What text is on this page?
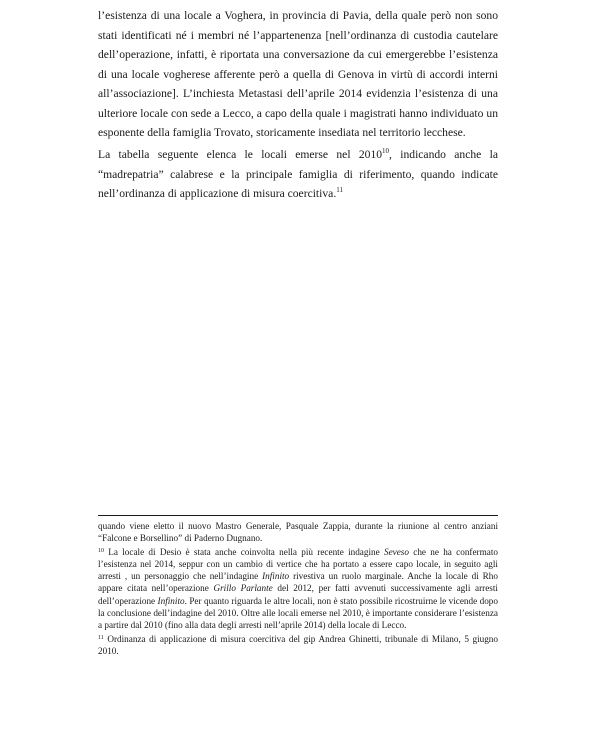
l’esistenza di una locale a Voghera, in provincia di Pavia, della quale però non sono stati identificati né i membri né l’appartenenza [nell’ordinanza di custodia cautelare dell’operazione, infatti, è riportata una conversazione da cui emergerebbe l’esistenza di una locale vogherese afferente però a quella di Genova in virtù di accordi interni all’associazione]. L’inchiesta Metastasi dell’aprile 2014 evidenzia l’esistenza di una ulteriore locale con sede a Lecco, a capo della quale i magistrati hanno individuato un esponente della famiglia Trovato, storicamente insediata nel territorio lecchese.

La tabella seguente elenca le locali emerse nel 2010$^{10}$, indicando anche la “madrepatria” calabrese e la principale famiglia di riferimento, quando indicate nell’ordinanza di applicazione di misura coercitiva.$^{11}$

quando viene eletto il nuovo Mastro Generale, Pasquale Zappia, durante la riunione al centro anziani “Falcone e Borsellino” di Paderno Dugnano.

$^{10}$ La locale di Desio è stata anche coinvolta nella più recente indagine Seveso che ne ha confermato l’esistenza nel 2014, seppur con un cambio di vertice che ha portato a essere capo locale, in seguito agli arresti , un personaggio che nell’indagine Infinito rivestiva un ruolo marginale. Anche la locale di Rho appare citata nell’operazione Grillo Parlante del 2012, per fatti avvenuti successivamente agli arresti dell’operazione Infinito. Per quanto riguarda le altre locali, non è stato possibile ricostruirne le vicende dopo la conclusione dell’indagine del 2010. Oltre alle locali emerse nel 2010, è importante considerare l’esistenza a partire dal 2010 (fino alla data degli arresti nell’aprile 2014) della locale di Lecco.

$^{11}$ Ordinanza di applicazione di misura coercitiva del gip Andrea Ghinetti, tribunale di Milano, 5 giugno 2010.
